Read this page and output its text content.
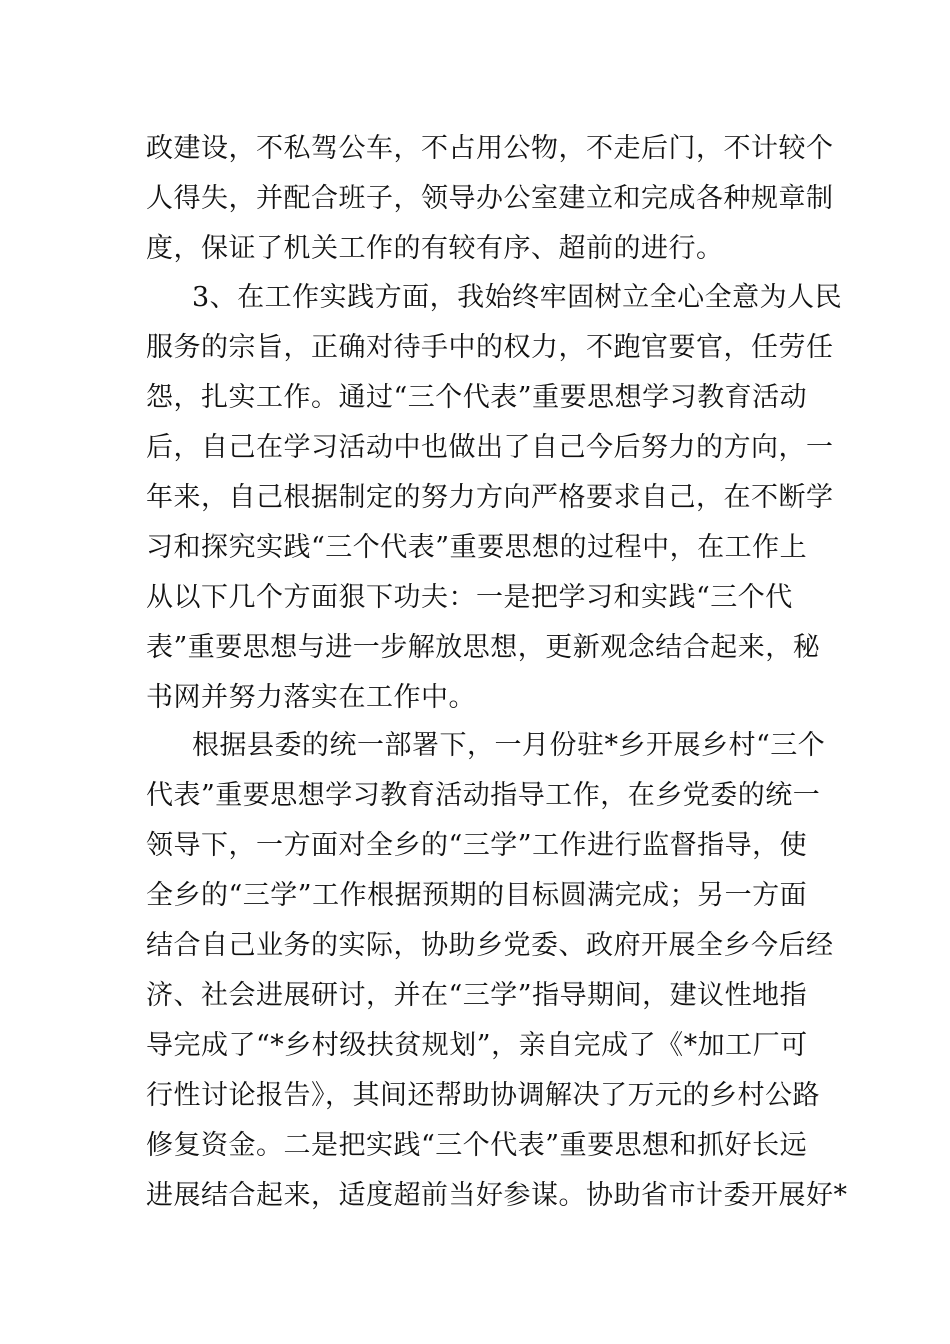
政建设，不私驾公车，不占用公物，不走后门，不计较个
人得失，并配合班子，领导办公室建立和完成各种规章制
度，保证了机关工作的有较有序、超前的进行。
3、在工作实践方面，我始终牢固树立全心全意为人民
服务的宗旨，正确对待手中的权力，不跑官要官，任劳任
怨，扎实工作。通过“三个代表”重要思想学习教育活动
后，自己在学习活动中也做出了自己今后努力的方向，一
年来，自己根据制定的努力方向严格要求自己，在不断学
习和探究实践“三个代表”重要思想的过程中，在工作上
从以下几个方面狠下功夫：一是把学习和实践“三个代
表”重要思想与进一步解放思想，更新观念结合起来，秘
书网并努力落实在工作中。
根据县委的统一部署下，一月份驻*乡开展乡村“三个
代表”重要思想学习教育活动指导工作，在乡党委的统一
领导下，一方面对全乡的“三学”工作进行监督指导，使
全乡的“三学”工作根据预期的目标圆满完成；另一方面
结合自己业务的实际，协助乡党委、政府开展全乡今后经
济、社会进展研讨，并在“三学”指导期间，建议性地指
导完成了“*乡村级扶贫规划”，亲自完成了《*加工厂可
行性讨论报告》，其间还帮助协调解决了万元的乡村公路
修复资金。二是把实践“三个代表”重要思想和抓好长远
进展结合起来，适度超前当好参谋。协助省市计委开展好*
